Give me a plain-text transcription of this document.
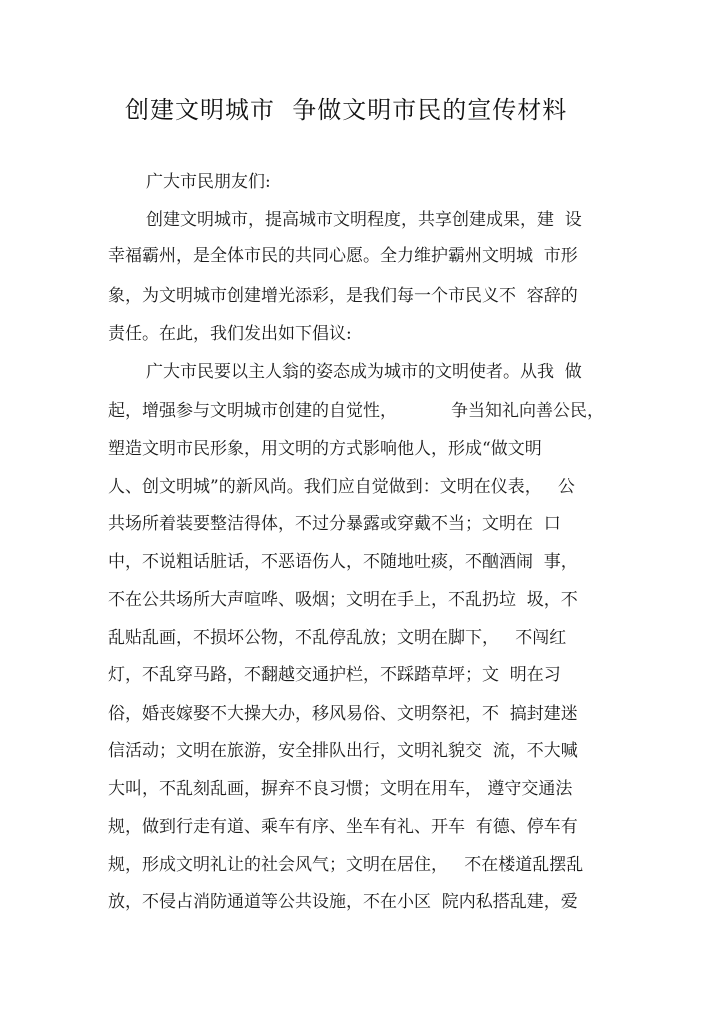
创建文明城市  争做文明市民的宣传材料
广大市民朋友们:
创建文明城市，提高城市文明程度，共享创建成果，建  设
幸福霸州，是全体市民的共同心愿。全力维护霸州文明城  市形
象，为文明城市创建增光添彩，是我们每一个市民义不  容辞的
责任。在此，我们发出如下倡议:
广大市民要以主人翁的姿态成为城市的文明使者。从我  做
起，增强参与文明城市创建的自觉性，          争当知礼向善公民，
塑造文明市民形象，用文明的方式影响他人，形成“做文明
人、创文明城”的新风尚。我们应自觉做到：文明在仪表，   公
共场所着装要整洁得体，不过分暴露或穿戴不当；文明在  口
中，不说粗话脏话，不恶语伤人，不随地吐痰，不酗酒闹  事，
不在公共场所大声喧哗、吸烟；文明在手上，不乱扔垃  圾，不
乱贴乱画，不损坏公物，不乱停乱放；文明在脚下，   不闯红
灯，不乱穿马路，不翻越交通护栏，不踩踏草坪；文  明在习
俗，婚丧嫁娶不大操大办，移风易俗、文明祭祀，不  搞封建迷
信活动；文明在旅游，安全排队出行，文明礼貌交  流，不大喊
大叫，不乱刻乱画，摒弃不良习惯；文明在用车， 遵守交通法
规，做到行走有道、乘车有序、坐车有礼、开车  有德、停车有
规，形成文明礼让的社会风气；文明在居住，   不在楼道乱摆乱
放，不侵占消防通道等公共设施，不在小区  院内私搭乱建，爱
